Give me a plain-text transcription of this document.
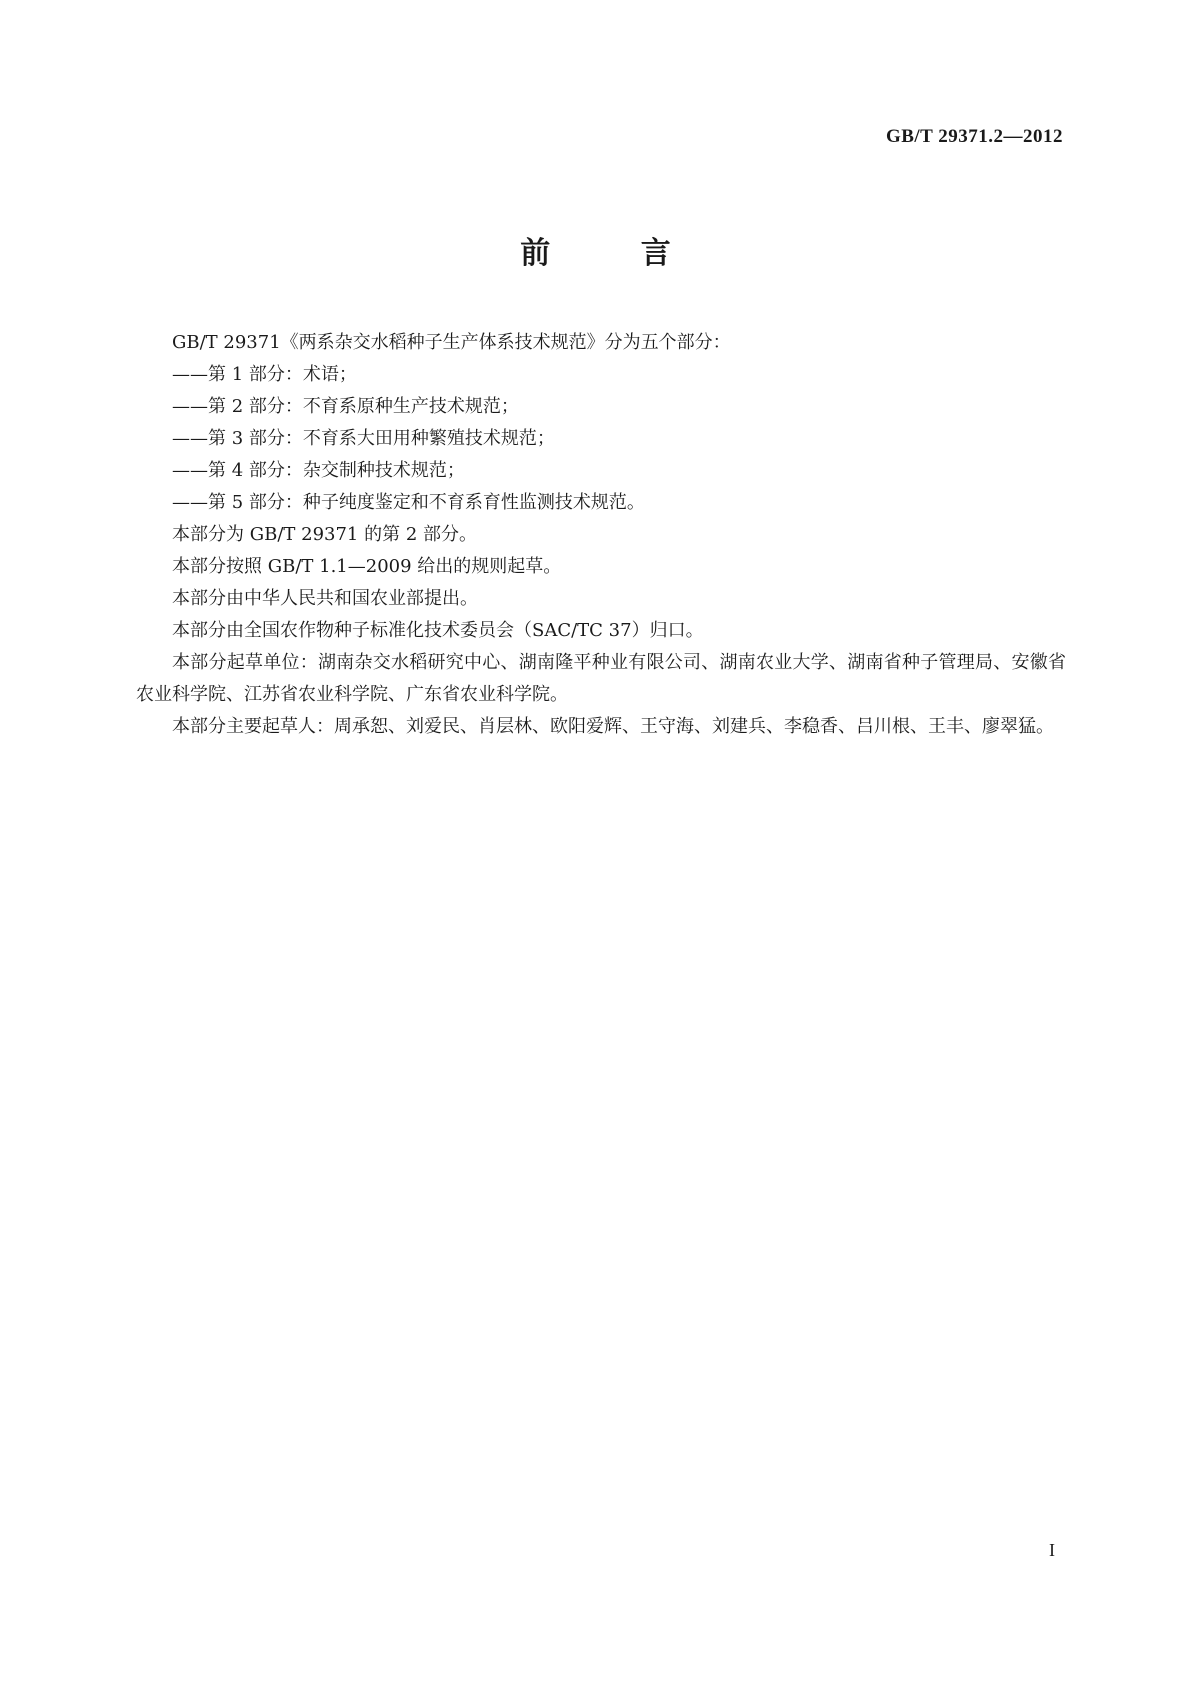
GB/T 29371.2—2012
前 言

GB/T 29371《两系杂交水稻种子生产体系技术规范》分为五个部分：

——第 1 部分：术语；

——第 2 部分：不育系原种生产技术规范；

——第 3 部分：不育系大田用种繁殖技术规范；

——第 4 部分：杂交制种技术规范；

——第 5 部分：种子纯度鉴定和不育系育性监测技术规范。

本部分为 GB/T 29371 的第 2 部分。

本部分按照 GB/T 1.1—2009 给出的规则起草。

本部分由中华人民共和国农业部提出。

本部分由全国农作物种子标准化技术委员会（SAC/TC 37）归口。

本部分起草单位：湖南杂交水稻研究中心、湖南隆平种业有限公司、湖南农业大学、湖南省种子管理局、安徽省农业科学院、江苏省农业科学院、广东省农业科学院。

本部分主要起草人：周承恕、刘爱民、肖层林、欧阳爱辉、王守海、刘建兵、李稳香、吕川根、王丰、廖翠猛。

I
